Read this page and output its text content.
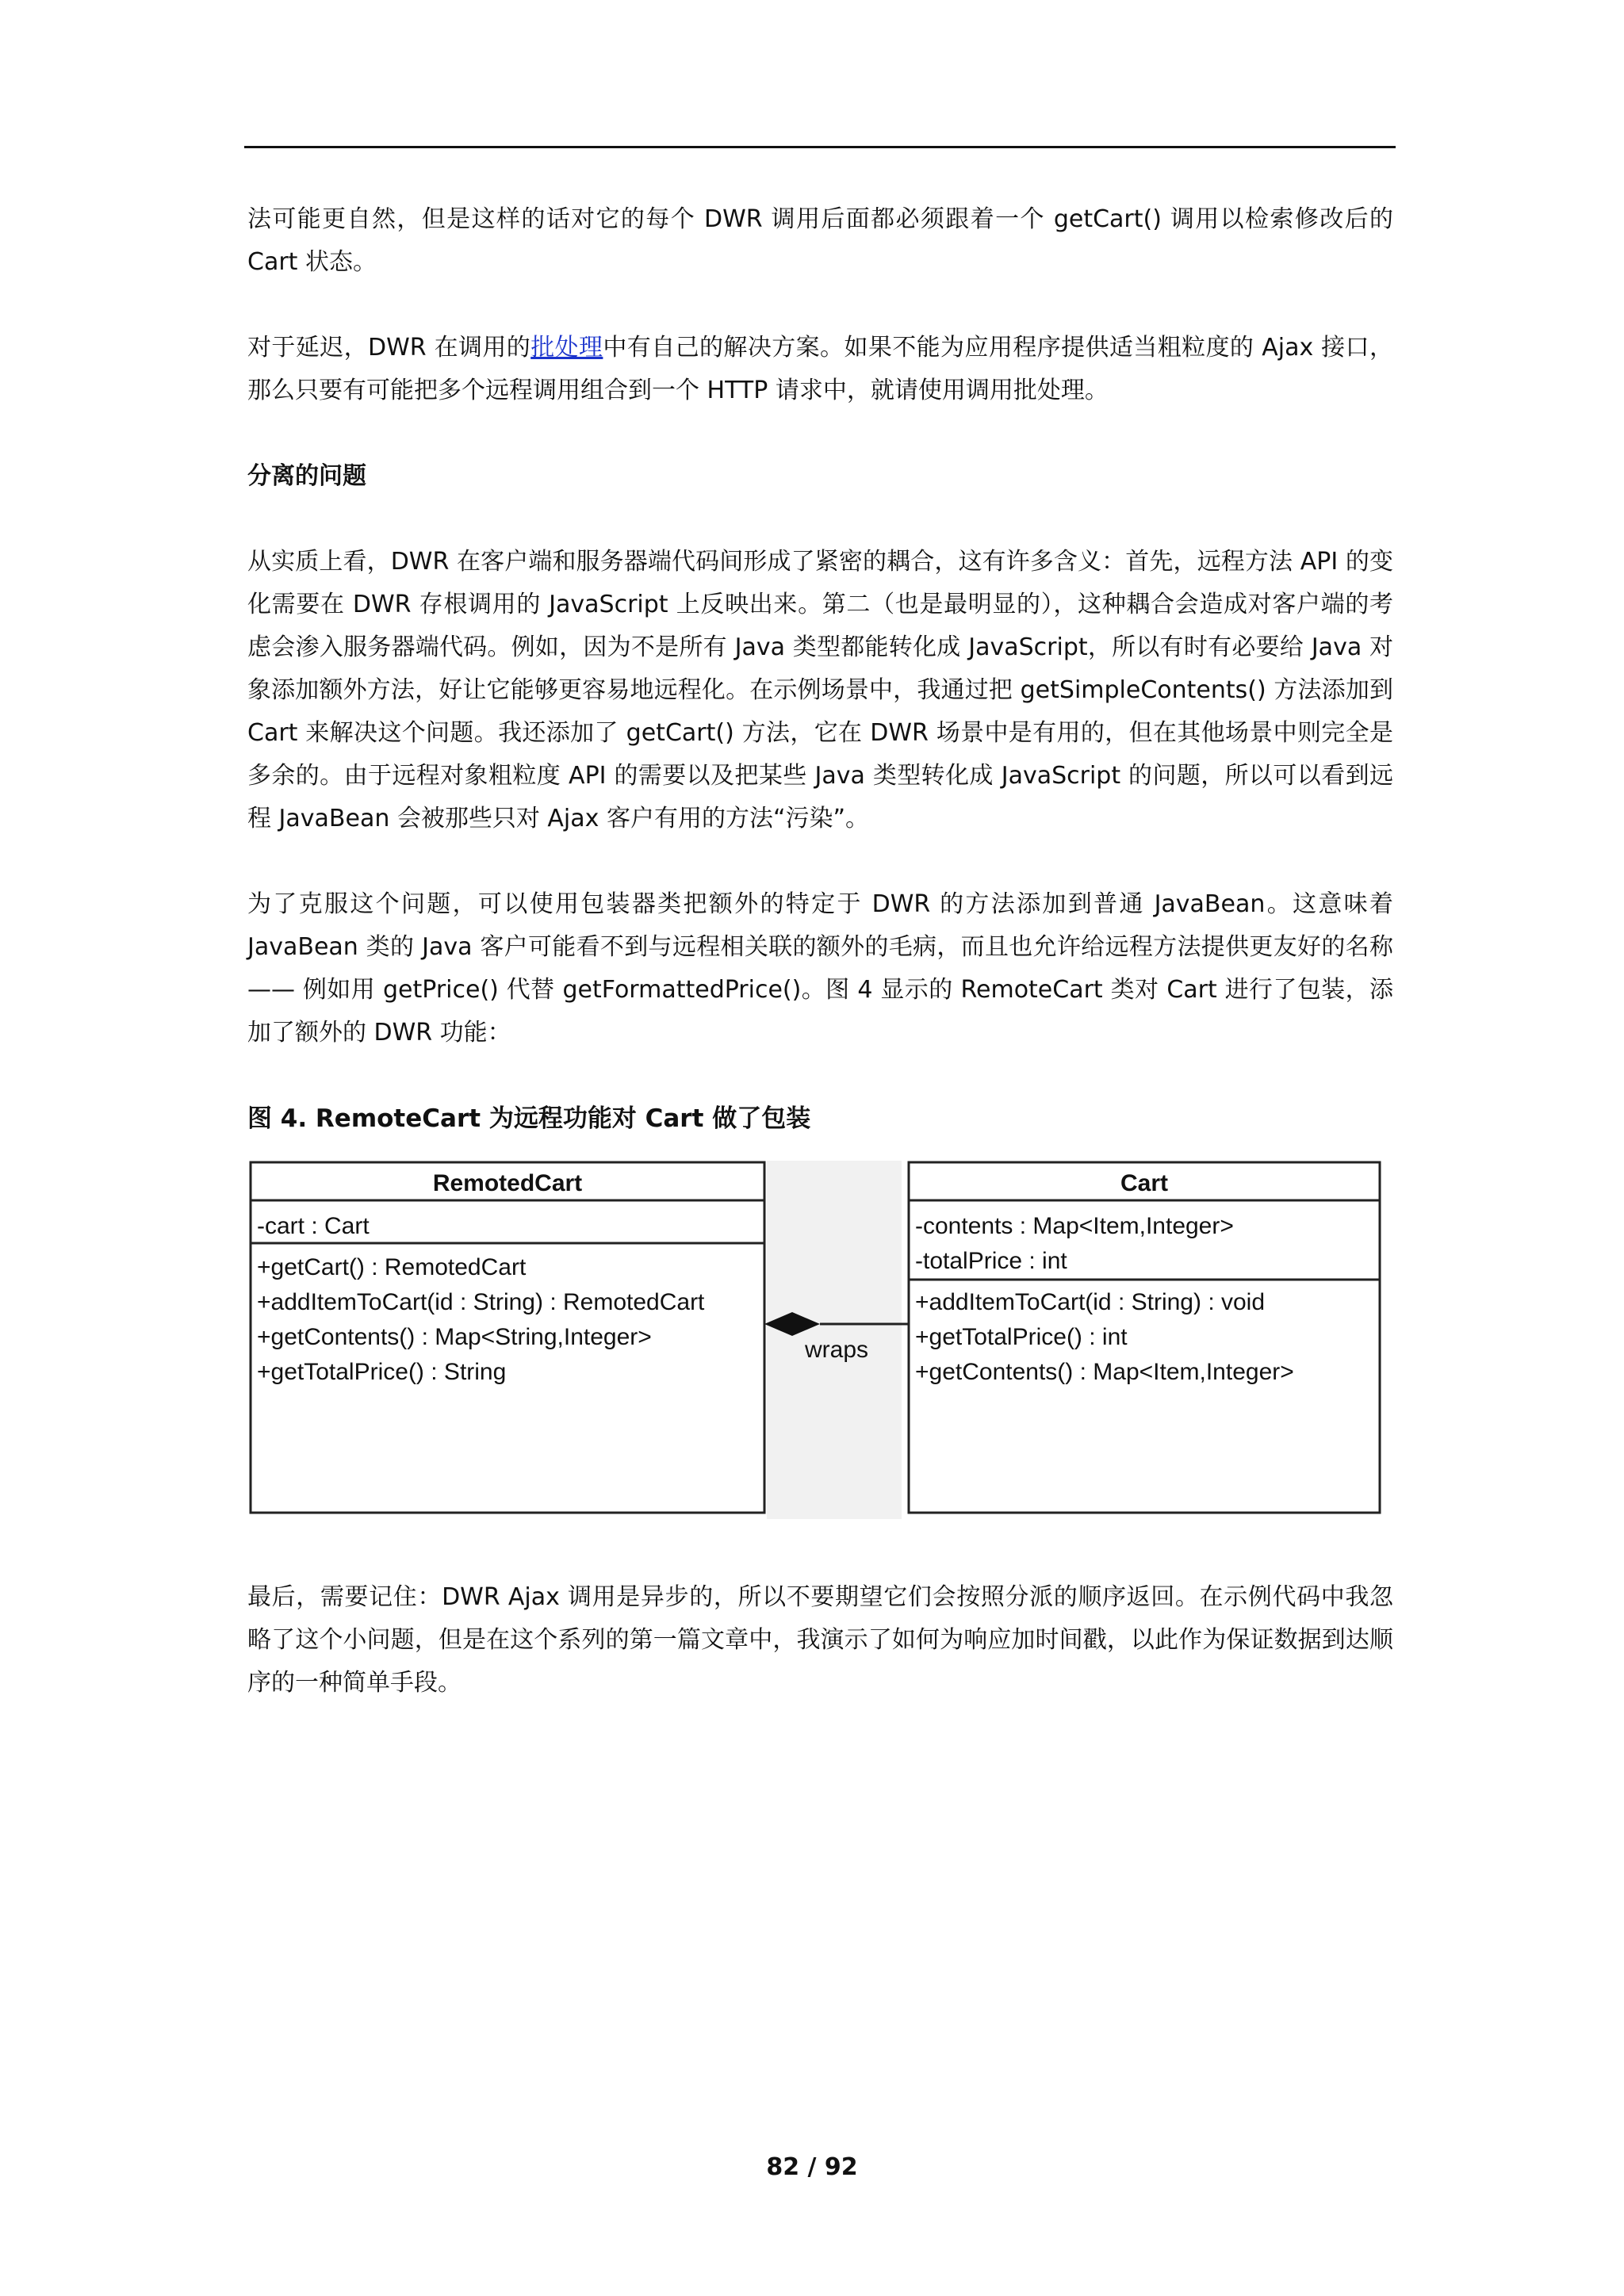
法可能更自然，但是这样的话对它的每个 DWR 调用后面都必须跟着一个 getCart() 调用以检索修改后的 Cart 状态。

对于延迟，DWR 在调用的批处理中有自己的解决方案。如果不能为应用程序提供适当粗粒度的 Ajax 接口，那么只要有可能把多个远程调用组合到一个 HTTP 请求中，就请使用调用批处理。

分离的问题

从实质上看，DWR 在客户端和服务器端代码间形成了紧密的耦合，这有许多含义：首先，远程方法 API 的变化需要在 DWR 存根调用的 JavaScript 上反映出来。第二（也是最明显的），这种耦合会造成对客户端的考虑会渗入服务器端代码。例如，因为不是所有 Java 类型都能转化成 JavaScript，所以有时有必要给 Java 对象添加额外方法，好让它能够更容易地远程化。在示例场景中，我通过把 getSimpleContents() 方法添加到 Cart 来解决这个问题。我还添加了 getCart() 方法，它在 DWR 场景中是有用的，但在其他场景中则完全是多余的。由于远程对象粗粒度 API 的需要以及把某些 Java 类型转化成 JavaScript 的问题，所以可以看到远程 JavaBean 会被那些只对 Ajax 客户有用的方法“污染”。

为了克服这个问题，可以使用包装器类把额外的特定于 DWR 的方法添加到普通 JavaBean。这意味着 JavaBean 类的 Java 客户可能看不到与远程相关联的额外的毛病，而且也允许给远程方法提供更友好的名称 —— 例如用 getPrice() 代替 getFormattedPrice()。图 4 显示的 RemoteCart 类对 Cart 进行了包装，添加了额外的 DWR 功能：

图 4. RemoteCart 为远程功能对 Cart 做了包装

RemotedCart
-cart : Cart
+getCart() : RemotedCart
+addItemToCart(id : String) : RemotedCart
+getContents() : Map<String,Integer>
+getTotalPrice() : String
wraps
Cart
-contents : Map<Item,Integer>
-totalPrice : int
+addItemToCart(id : String) : void
+getTotalPrice() : int
+getContents() : Map<Item,Integer>

最后，需要记住：DWR Ajax 调用是异步的，所以不要期望它们会按照分派的顺序返回。在示例代码中我忽略了这个小问题，但是在这个系列的第一篇文章中，我演示了如何为响应加时间戳，以此作为保证数据到达顺序的一种简单手段。

82 / 92
